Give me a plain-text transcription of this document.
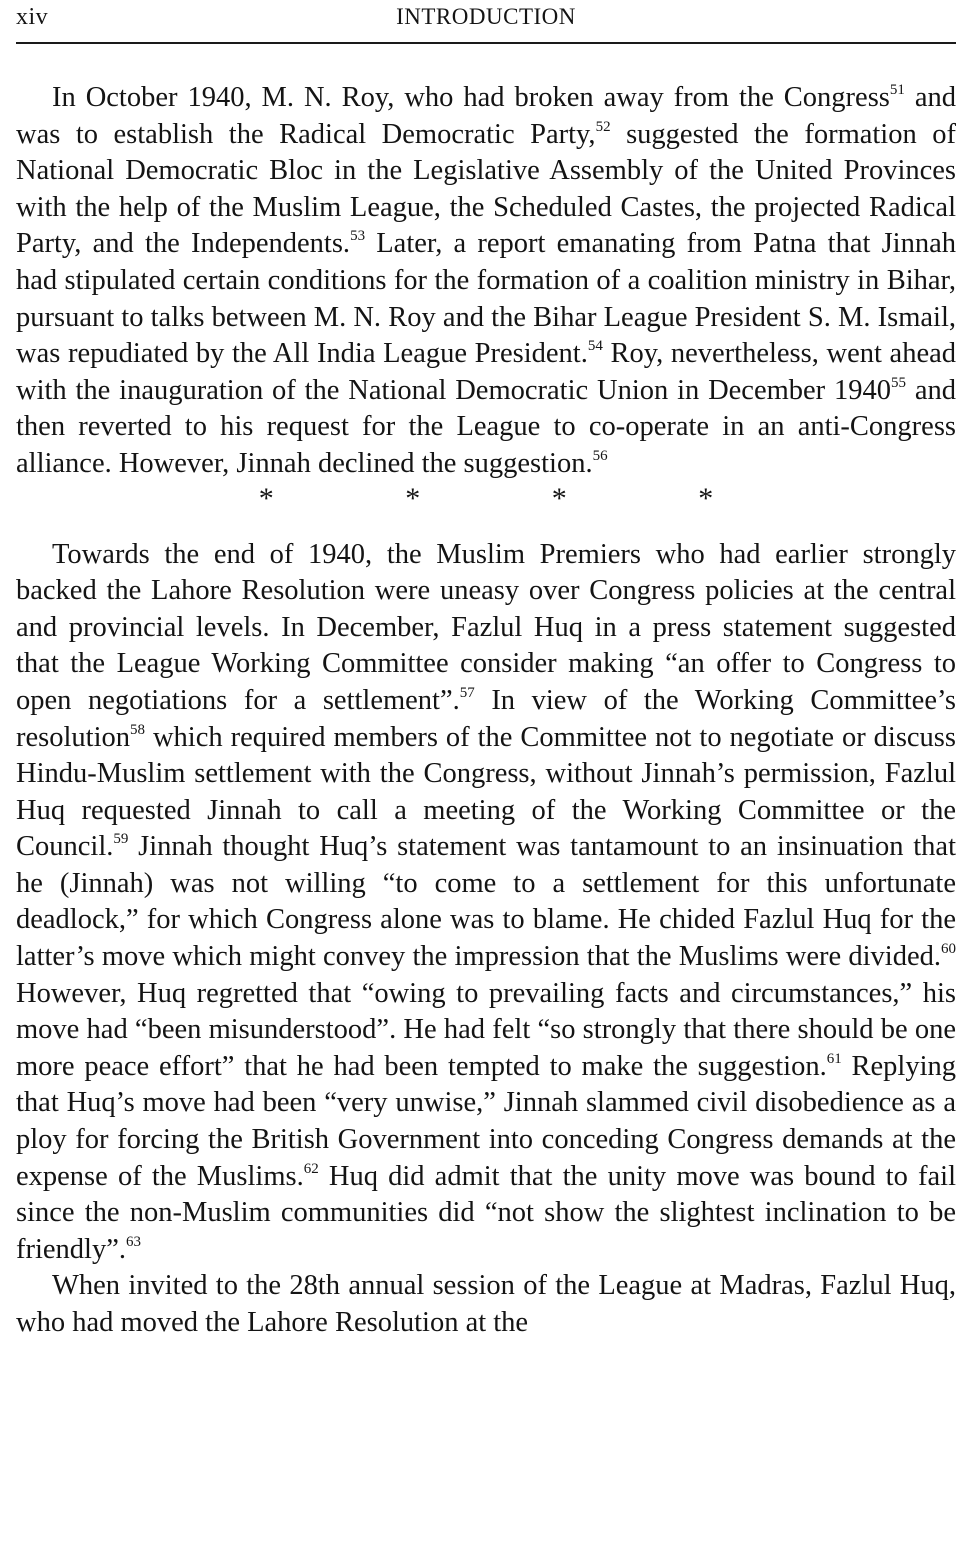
xiv	INTRODUCTION

In October 1940, M. N. Roy, who had broken away from the Congress$^{51}$ and was to establish the Radical Democratic Party,$^{52}$ suggested the formation of National Democratic Bloc in the Legislative Assembly of the United Provinces with the help of the Muslim League, the Scheduled Castes, the projected Radical Party, and the Independents.$^{53}$ Later, a report emanating from Patna that Jinnah had stipulated certain conditions for the formation of a coalition ministry in Bihar, pursuant to talks between M. N. Roy and the Bihar League President S. M. Ismail, was repudiated by the All India League President.$^{54}$ Roy, nevertheless, went ahead with the inauguration of the National Democratic Union in December 1940$^{55}$ and then reverted to his request for the League to co-operate in an anti-Congress alliance. However, Jinnah declined the suggestion.$^{56}$

* * * *

Towards the end of 1940, the Muslim Premiers who had earlier strongly backed the Lahore Resolution were uneasy over Congress policies at the central and provincial levels. In December, Fazlul Huq in a press statement suggested that the League Working Committee consider making “an offer to Congress to open negotiations for a settlement”.$^{57}$ In view of the Working Committee’s resolution$^{58}$ which required members of the Committee not to negotiate or discuss Hindu-Muslim settlement with the Congress, without Jinnah’s permission, Fazlul Huq requested Jinnah to call a meeting of the Working Committee or the Council.$^{59}$ Jinnah thought Huq’s statement was tantamount to an insinuation that he (Jinnah) was not willing “to come to a settlement for this unfortunate deadlock,” for which Congress alone was to blame. He chided Fazlul Huq for the latter’s move which might convey the impression that the Muslims were divided.$^{60}$ However, Huq regretted that “owing to prevailing facts and circumstances,” his move had “been misunderstood”. He had felt “so strongly that there should be one more peace effort” that he had been tempted to make the suggestion.$^{61}$ Replying that Huq’s move had been “very unwise,” Jinnah slammed civil disobedience as a ploy for forcing the British Government into conceding Congress demands at the expense of the Muslims.$^{62}$ Huq did admit that the unity move was bound to fail since the non-Muslim communities did “not show the slightest inclination to be friendly”.$^{63}$

When invited to the 28th annual session of the League at Madras, Fazlul Huq, who had moved the Lahore Resolution at the
